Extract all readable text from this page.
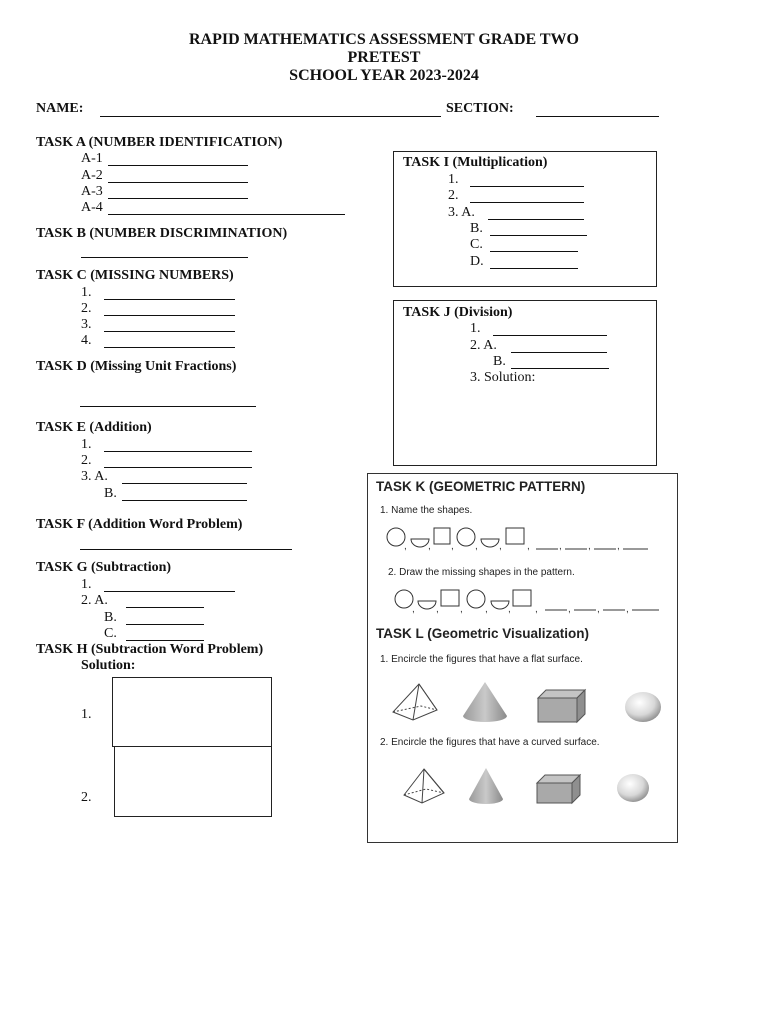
RAPID MATHEMATICS ASSESSMENT GRADE TWO
PRETEST
SCHOOL YEAR 2023-2024
NAME:	SECTION:
TASK A (NUMBER IDENTIFICATION)
A-1
A-2
A-3
A-4
TASK B (NUMBER DISCRIMINATION)
TASK C (MISSING NUMBERS)
1.
2.
3.
4.
TASK D (Missing Unit Fractions)
TASK E (Addition)
1.
2.
3. A.
B.
TASK F (Addition Word Problem)
TASK G (Subtraction)
1.
2. A.
B.
C.
TASK H (Subtraction Word Problem)
Solution:
1.
2.
TASK I (Multiplication)
1.
2.
3. A.
B.
C.
D.
TASK J (Division)
1.
2. A.
B.
3. Solution:
TASK K (GEOMETRIC PATTERN)
1. Name the shapes.
, , , , ,	,	,	,	,
2. Draw the missing shapes in the pattern.
, , , , , ,	,	,	,
TASK L (Geometric Visualization)
1. Encircle the figures that have a flat surface.
2. Encircle the figures that have a curved surface.
